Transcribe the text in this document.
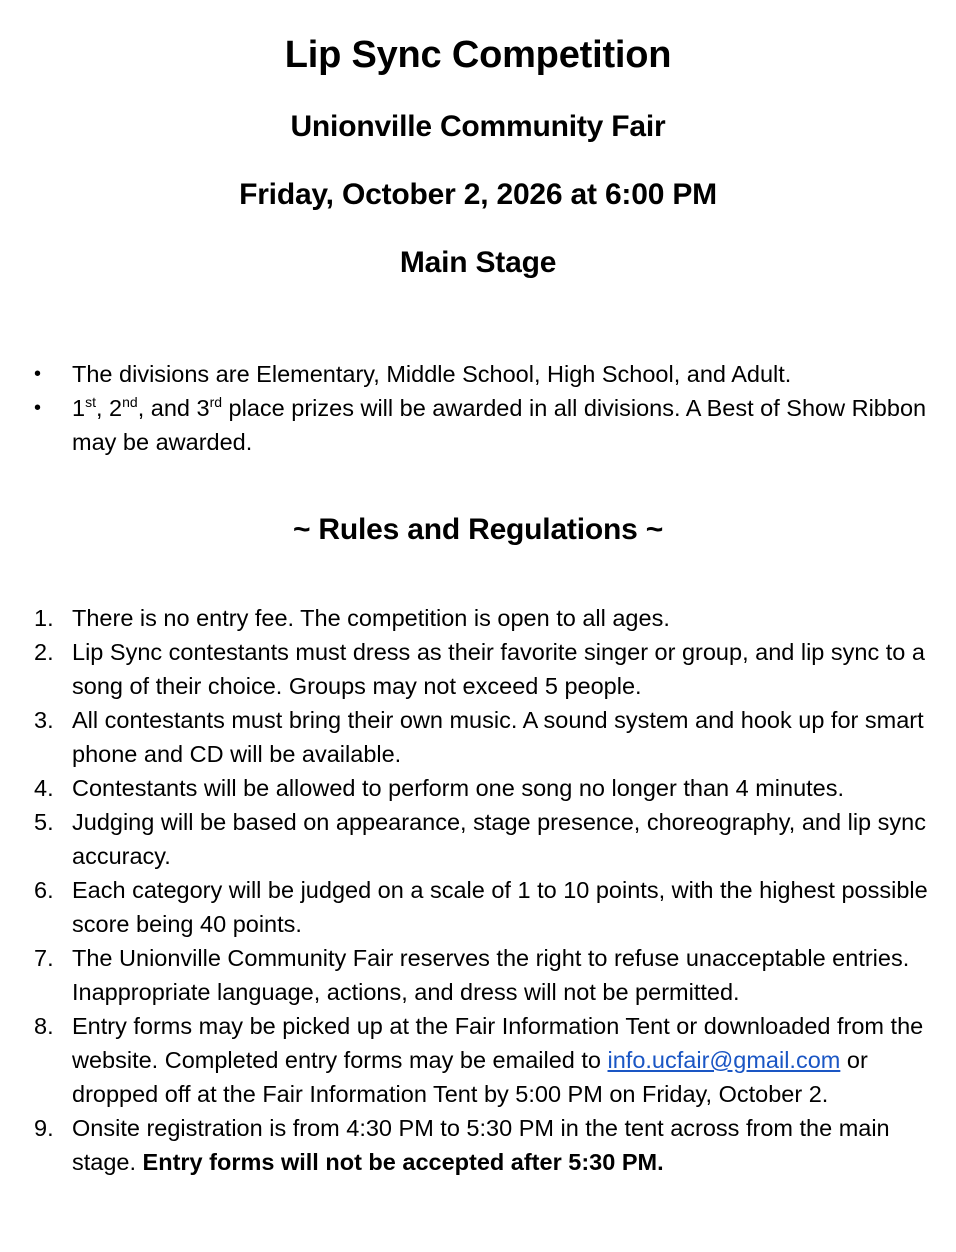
Lip Sync Competition
Unionville Community Fair
Friday, October 2, 2026 at 6:00 PM
Main Stage
•	The divisions are Elementary, Middle School, High School, and Adult.
•	1st, 2nd, and 3rd place prizes will be awarded in all divisions. A Best of Show Ribbon may be awarded.
~ Rules and Regulations ~
1. There is no entry fee. The competition is open to all ages.
2. Lip Sync contestants must dress as their favorite singer or group, and lip sync to a song of their choice. Groups may not exceed 5 people.
3. All contestants must bring their own music. A sound system and hook up for smart phone and CD will be available.
4. Contestants will be allowed to perform one song no longer than 4 minutes.
5. Judging will be based on appearance, stage presence, choreography, and lip sync accuracy.
6. Each category will be judged on a scale of 1 to 10 points, with the highest possible score being 40 points.
7. The Unionville Community Fair reserves the right to refuse unacceptable entries. Inappropriate language, actions, and dress will not be permitted.
8. Entry forms may be picked up at the Fair Information Tent or downloaded from the website. Completed entry forms may be emailed to info.ucfair@gmail.com or dropped off at the Fair Information Tent by 5:00 PM on Friday, October 2.
9. Onsite registration is from 4:30 PM to 5:30 PM in the tent across from the main stage. Entry forms will not be accepted after 5:30 PM.
